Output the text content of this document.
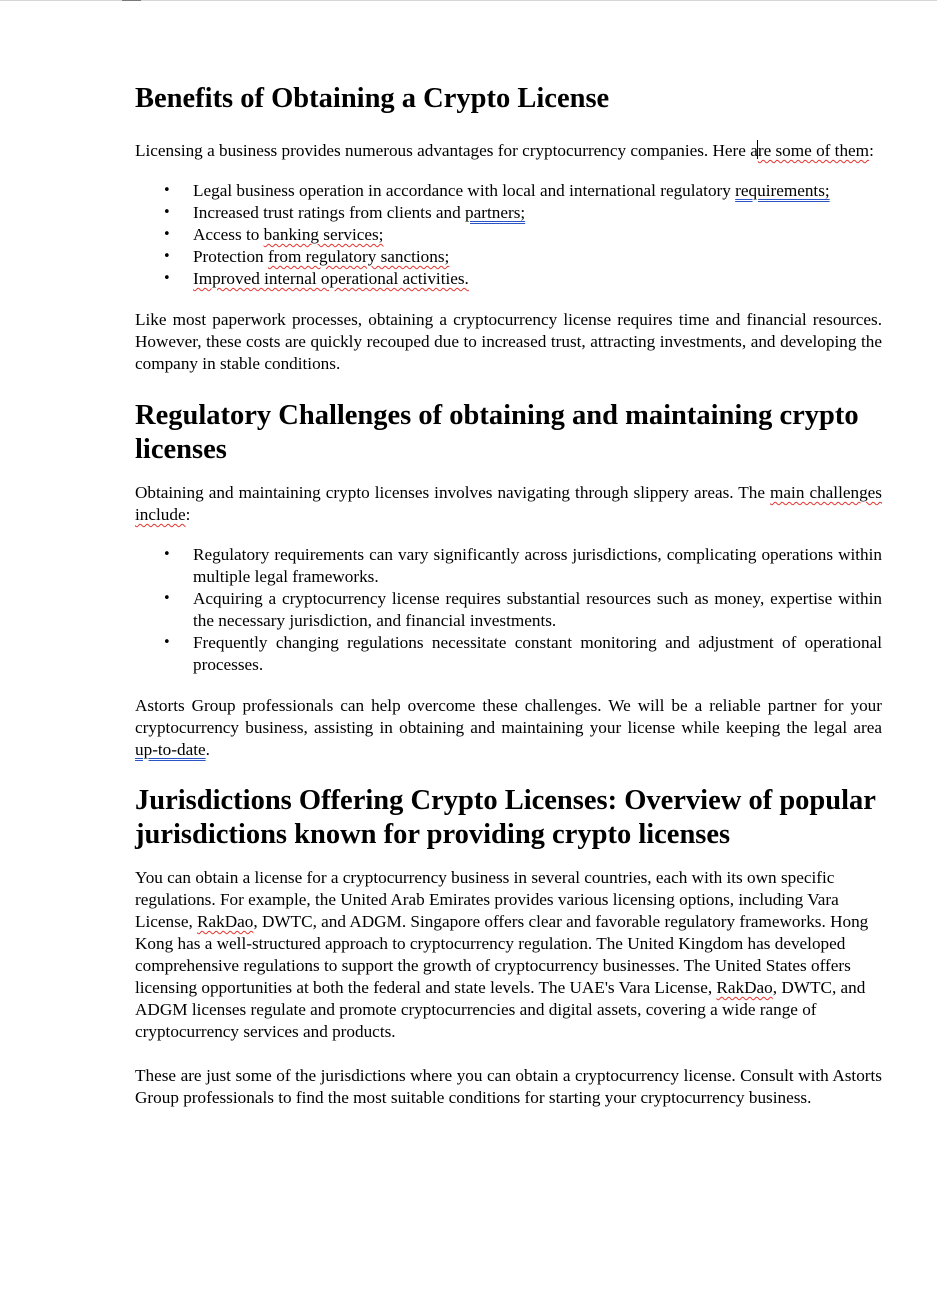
Benefits of Obtaining a Crypto License

Licensing a business provides numerous advantages for cryptocurrency companies. Here are some of them:

• Legal business operation in accordance with local and international regulatory requirements;
• Increased trust ratings from clients and partners;
• Access to banking services;
• Protection from regulatory sanctions;
• Improved internal operational activities.

Like most paperwork processes, obtaining a cryptocurrency license requires time and financial resources. However, these costs are quickly recouped due to increased trust, attracting investments, and developing the company in stable conditions.

Regulatory Challenges of obtaining and maintaining crypto licenses

Obtaining and maintaining crypto licenses involves navigating through slippery areas. The main challenges include:

• Regulatory requirements can vary significantly across jurisdictions, complicating operations within multiple legal frameworks.
• Acquiring a cryptocurrency license requires substantial resources such as money, expertise within the necessary jurisdiction, and financial investments.
• Frequently changing regulations necessitate constant monitoring and adjustment of operational processes.

Astorts Group professionals can help overcome these challenges. We will be a reliable partner for your cryptocurrency business, assisting in obtaining and maintaining your license while keeping the legal area up-to-date.

Jurisdictions Offering Crypto Licenses: Overview of popular jurisdictions known for providing crypto licenses

You can obtain a license for a cryptocurrency business in several countries, each with its own specific regulations. For example, the United Arab Emirates provides various licensing options, including Vara License, RakDao, DWTC, and ADGM. Singapore offers clear and favorable regulatory frameworks. Hong Kong has a well-structured approach to cryptocurrency regulation. The United Kingdom has developed comprehensive regulations to support the growth of cryptocurrency businesses. The United States offers licensing opportunities at both the federal and state levels. The UAE's Vara License, RakDao, DWTC, and ADGM licenses regulate and promote cryptocurrencies and digital assets, covering a wide range of cryptocurrency services and products.

These are just some of the jurisdictions where you can obtain a cryptocurrency license. Consult with Astorts Group professionals to find the most suitable conditions for starting your cryptocurrency business.
